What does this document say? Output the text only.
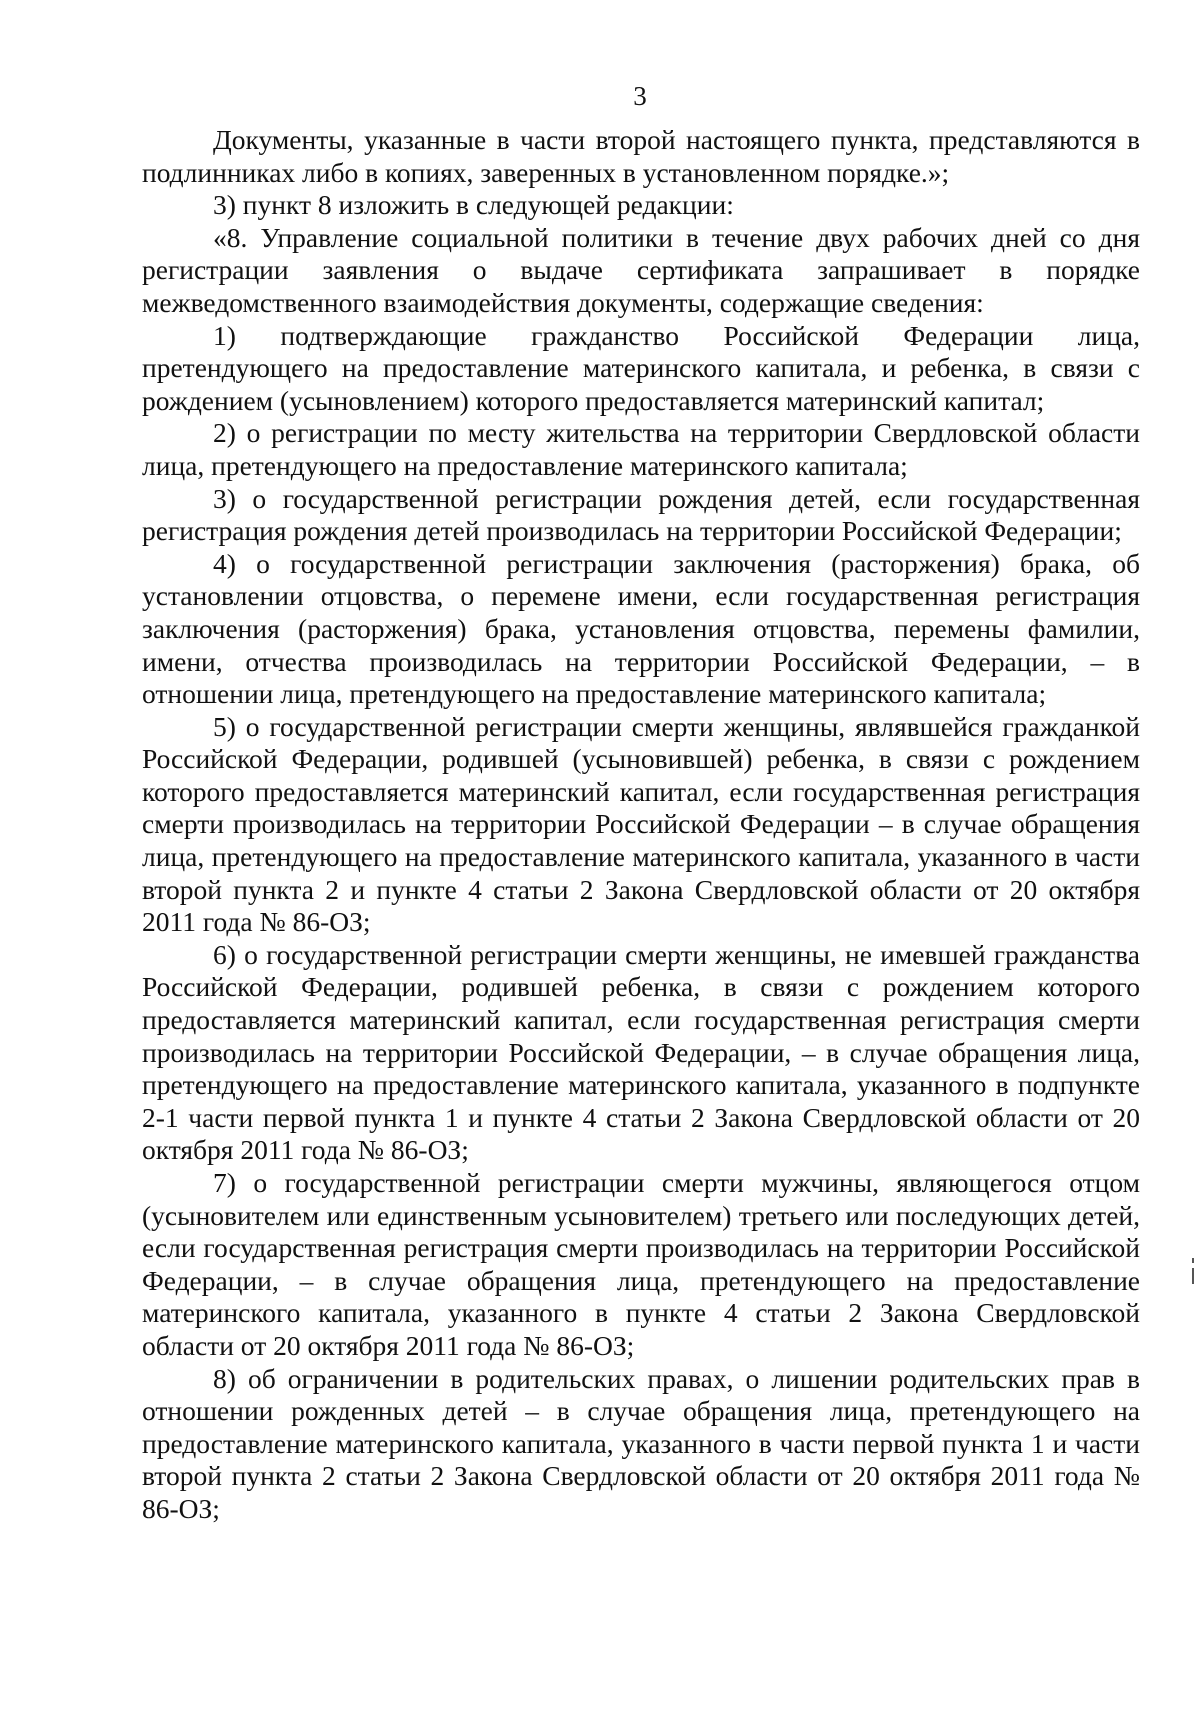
3

Документы, указанные в части второй настоящего пункта, представляются в подлинниках либо в копиях, заверенных в установленном порядке.»;

3) пункт 8 изложить в следующей редакции:

«8. Управление социальной политики в течение двух рабочих дней со дня регистрации заявления о выдаче сертификата запрашивает в порядке межведомственного взаимодействия документы, содержащие сведения:

1) подтверждающие гражданство Российской Федерации лица, претендующего на предоставление материнского капитала, и ребенка, в связи с рождением (усыновлением) которого предоставляется материнский капитал;

2) о регистрации по месту жительства на территории Свердловской области лица, претендующего на предоставление материнского капитала;

3) о государственной регистрации рождения детей, если государственная регистрация рождения детей производилась на территории Российской Федерации;

4) о государственной регистрации заключения (расторжения) брака, об установлении отцовства, о перемене имени, если государственная регистрация заключения (расторжения) брака, установления отцовства, перемены фамилии, имени, отчества производилась на территории Российской Федерации, – в отношении лица, претендующего на предоставление материнского капитала;

5) о государственной регистрации смерти женщины, являвшейся гражданкой Российской Федерации, родившей (усыновившей) ребенка, в связи с рождением которого предоставляется материнский капитал, если государственная регистрация смерти производилась на территории Российской Федерации – в случае обращения лица, претендующего на предоставление материнского капитала, указанного в части второй пункта 2 и пункте 4 статьи 2 Закона Свердловской области от 20 октября 2011 года № 86-ОЗ;

6) о государственной регистрации смерти женщины, не имевшей гражданства Российской Федерации, родившей ребенка, в связи с рождением которого предоставляется материнский капитал, если государственная регистрация смерти производилась на территории Российской Федерации, – в случае обращения лица, претендующего на предоставление материнского капитала, указанного в подпункте 2-1 части первой пункта 1 и пункте 4 статьи 2 Закона Свердловской области от 20 октября 2011 года № 86-ОЗ;

7) о государственной регистрации смерти мужчины, являющегося отцом (усыновителем или единственным усыновителем) третьего или последующих детей, если государственная регистрация смерти производилась на территории Российской Федерации, – в случае обращения лица, претендующего на предоставление материнского капитала, указанного в пункте 4 статьи 2 Закона Свердловской области от 20 октября 2011 года № 86-ОЗ;

8) об ограничении в родительских правах, о лишении родительских прав в отношении рожденных детей – в случае обращения лица, претендующего на предоставление материнского капитала, указанного в части первой пункта 1 и части второй пункта 2 статьи 2 Закона Свердловской области от 20 октября 2011 года № 86-ОЗ;
